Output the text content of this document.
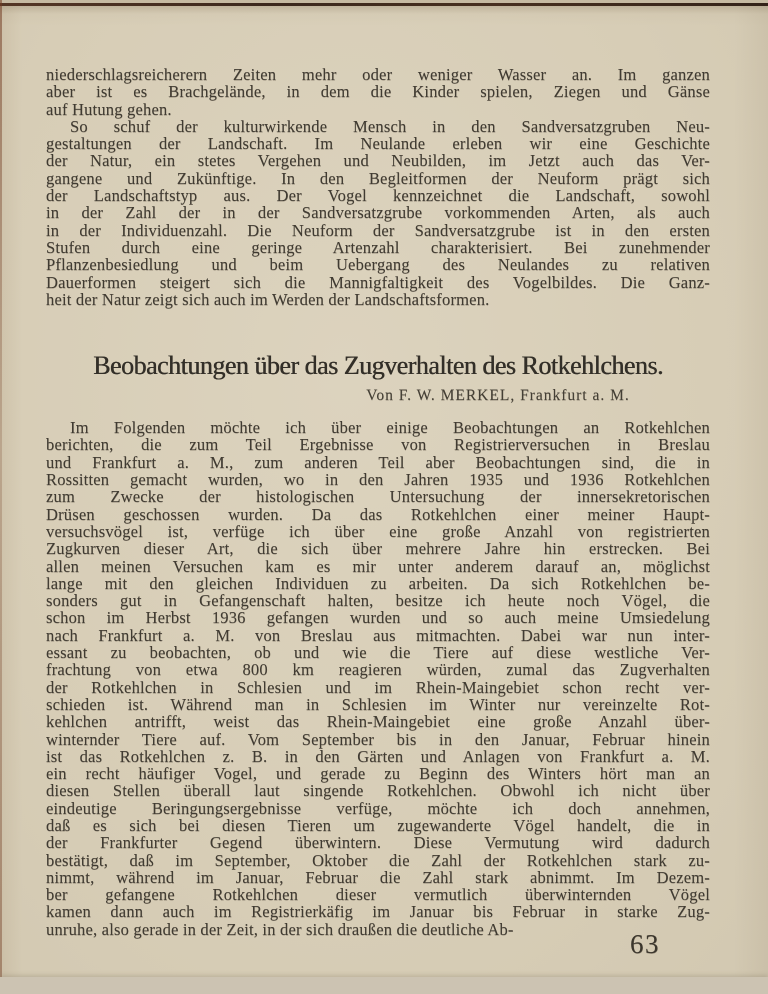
niederschlagsreicherern Zeiten mehr oder weniger Wasser an. Im ganzen
aber ist es Brachgelände, in dem die Kinder spielen, Ziegen und Gänse
auf Hutung gehen.
So schuf der kulturwirkende Mensch in den Sandversatzgruben Neu-
gestaltungen der Landschaft. Im Neulande erleben wir eine Geschichte
der Natur, ein stetes Vergehen und Neubilden, im Jetzt auch das Ver-
gangene und Zukünftige. In den Begleitformen der Neuform prägt sich
der Landschaftstyp aus. Der Vogel kennzeichnet die Landschaft, sowohl
in der Zahl der in der Sandversatzgrube vorkommenden Arten, als auch
in der Individuenzahl. Die Neuform der Sandversatzgrube ist in den ersten
Stufen durch eine geringe Artenzahl charakterisiert. Bei zunehmender
Pflanzenbesiedlung und beim Uebergang des Neulandes zu relativen
Dauerformen steigert sich die Mannigfaltigkeit des Vogelbildes. Die Ganz-
heit der Natur zeigt sich auch im Werden der Landschaftsformen.
Beobachtungen über das Zugverhalten des Rotkehlchens.
Von F. W. MERKEL, Frankfurt a. M.
Im Folgenden möchte ich über einige Beobachtungen an Rotkehlchen
berichten, die zum Teil Ergebnisse von Registrierversuchen in Breslau
und Frankfurt a. M., zum anderen Teil aber Beobachtungen sind, die in
Rossitten gemacht wurden, wo in den Jahren 1935 und 1936 Rotkehlchen
zum Zwecke der histologischen Untersuchung der innersekretorischen
Drüsen geschossen wurden. Da das Rotkehlchen einer meiner Haupt-
versuchsvögel ist, verfüge ich über eine große Anzahl von registrierten
Zugkurven dieser Art, die sich über mehrere Jahre hin erstrecken. Bei
allen meinen Versuchen kam es mir unter anderem darauf an, möglichst
lange mit den gleichen Individuen zu arbeiten. Da sich Rotkehlchen be-
sonders gut in Gefangenschaft halten, besitze ich heute noch Vögel, die
schon im Herbst 1936 gefangen wurden und so auch meine Umsiedelung
nach Frankfurt a. M. von Breslau aus mitmachten. Dabei war nun inter-
essant zu beobachten, ob und wie die Tiere auf diese westliche Ver-
frachtung von etwa 800 km reagieren würden, zumal das Zugverhalten
der Rotkehlchen in Schlesien und im Rhein-Maingebiet schon recht ver-
schieden ist. Während man in Schlesien im Winter nur vereinzelte Rot-
kehlchen antrifft, weist das Rhein-Maingebiet eine große Anzahl über-
winternder Tiere auf. Vom September bis in den Januar, Februar hinein
ist das Rotkehlchen z. B. in den Gärten und Anlagen von Frankfurt a. M.
ein recht häufiger Vogel, und gerade zu Beginn des Winters hört man an
diesen Stellen überall laut singende Rotkehlchen. Obwohl ich nicht über
eindeutige Beringungsergebnisse verfüge, möchte ich doch annehmen,
daß es sich bei diesen Tieren um zugewanderte Vögel handelt, die in
der Frankfurter Gegend überwintern. Diese Vermutung wird dadurch
bestätigt, daß im September, Oktober die Zahl der Rotkehlchen stark zu-
nimmt, während im Januar, Februar die Zahl stark abnimmt. Im Dezem-
ber gefangene Rotkehlchen dieser vermutlich überwinternden Vögel
kamen dann auch im Registrierkäfig im Januar bis Februar in starke Zug-
unruhe, also gerade in der Zeit, in der sich draußen die deutliche Ab-	63
